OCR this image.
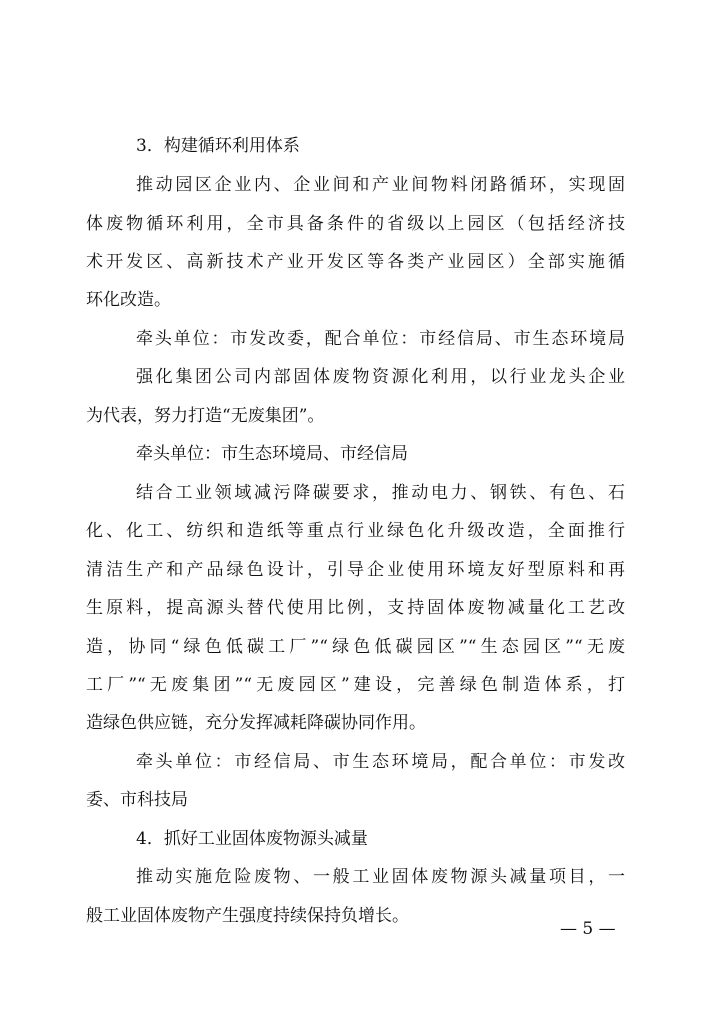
3．构建循环利用体系
推动园区企业内、企业间和产业间物料闭路循环，实现固
体废物循环利用，全市具备条件的省级以上园区（包括经济技
术开发区、高新技术产业开发区等各类产业园区）全部实施循
环化改造。
牵头单位：市发改委，配合单位：市经信局、市生态环境局
强化集团公司内部固体废物资源化利用，以行业龙头企业
为代表，努力打造“无废集团”。
牵头单位：市生态环境局、市经信局
结合工业领域减污降碳要求，推动电力、钢铁、有色、石
化、化工、纺织和造纸等重点行业绿色化升级改造，全面推行
清洁生产和产品绿色设计，引导企业使用环境友好型原料和再
生原料，提高源头替代使用比例，支持固体废物减量化工艺改
造，协同“绿色低碳工厂”“绿色低碳园区”“生态园区”“无废
工厂”“无废集团”“无废园区”建设，完善绿色制造体系，打
造绿色供应链，充分发挥减耗降碳协同作用。
牵头单位：市经信局、市生态环境局，配合单位：市发改
委、市科技局
4．抓好工业固体废物源头减量
推动实施危险废物、一般工业固体废物源头减量项目，一
般工业固体废物产生强度持续保持负增长。
— 5 —
